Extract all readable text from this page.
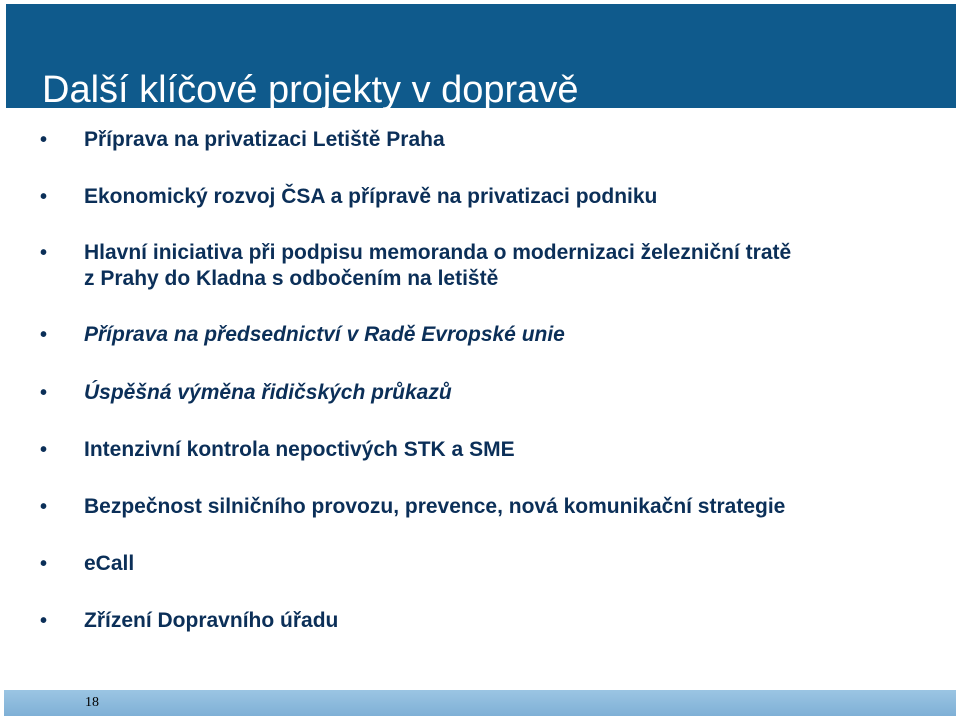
Další klíčové projekty v dopravě
• Příprava na privatizaci Letiště Praha
• Ekonomický rozvoj ČSA a přípravě na privatizaci podniku
• Hlavní iniciativa při podpisu memoranda o modernizaci železniční tratě
z Prahy do Kladna s odbočením na letiště
• Příprava na předsednictví v Radě Evropské unie
• Úspěšná výměna řidičských průkazů
• Intenzivní kontrola nepoctivých STK a SME
• Bezpečnost silničního provozu, prevence, nová komunikační strategie
• eCall
• Zřízení Dopravního úřadu
18
